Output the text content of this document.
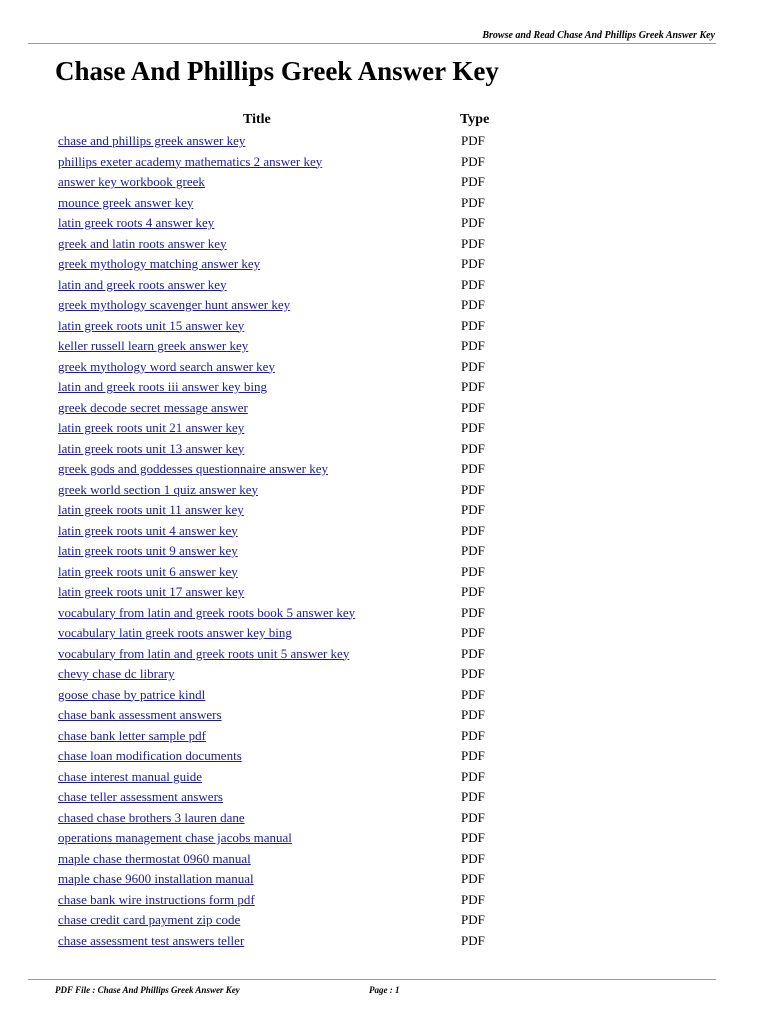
Browse and Read Chase And Phillips Greek Answer Key
Chase And Phillips Greek Answer Key
Title	Type
chase and phillips greek answer key	PDF
phillips exeter academy mathematics 2 answer key	PDF
answer key workbook greek	PDF
mounce greek answer key	PDF
latin greek roots 4 answer key	PDF
greek and latin roots answer key	PDF
greek mythology matching answer key	PDF
latin and greek roots answer key	PDF
greek mythology scavenger hunt answer key	PDF
latin greek roots unit 15 answer key	PDF
keller russell learn greek answer key	PDF
greek mythology word search answer key	PDF
latin and greek roots iii answer key bing	PDF
greek decode secret message answer	PDF
latin greek roots unit 21 answer key	PDF
latin greek roots unit 13 answer key	PDF
greek gods and goddesses questionnaire answer key	PDF
greek world section 1 quiz answer key	PDF
latin greek roots unit 11 answer key	PDF
latin greek roots unit 4 answer key	PDF
latin greek roots unit 9 answer key	PDF
latin greek roots unit 6 answer key	PDF
latin greek roots unit 17 answer key	PDF
vocabulary from latin and greek roots book 5 answer key	PDF
vocabulary latin greek roots answer key bing	PDF
vocabulary from latin and greek roots unit 5 answer key	PDF
chevy chase dc library	PDF
goose chase by patrice kindl	PDF
chase bank assessment answers	PDF
chase bank letter sample pdf	PDF
chase loan modification documents	PDF
chase interest manual guide	PDF
chase teller assessment answers	PDF
chased chase brothers 3 lauren dane	PDF
operations management chase jacobs manual	PDF
maple chase thermostat 0960 manual	PDF
maple chase 9600 installation manual	PDF
chase bank wire instructions form pdf	PDF
chase credit card payment zip code	PDF
chase assessment test answers teller	PDF
PDF File : Chase And Phillips Greek Answer Key	Page : 1
